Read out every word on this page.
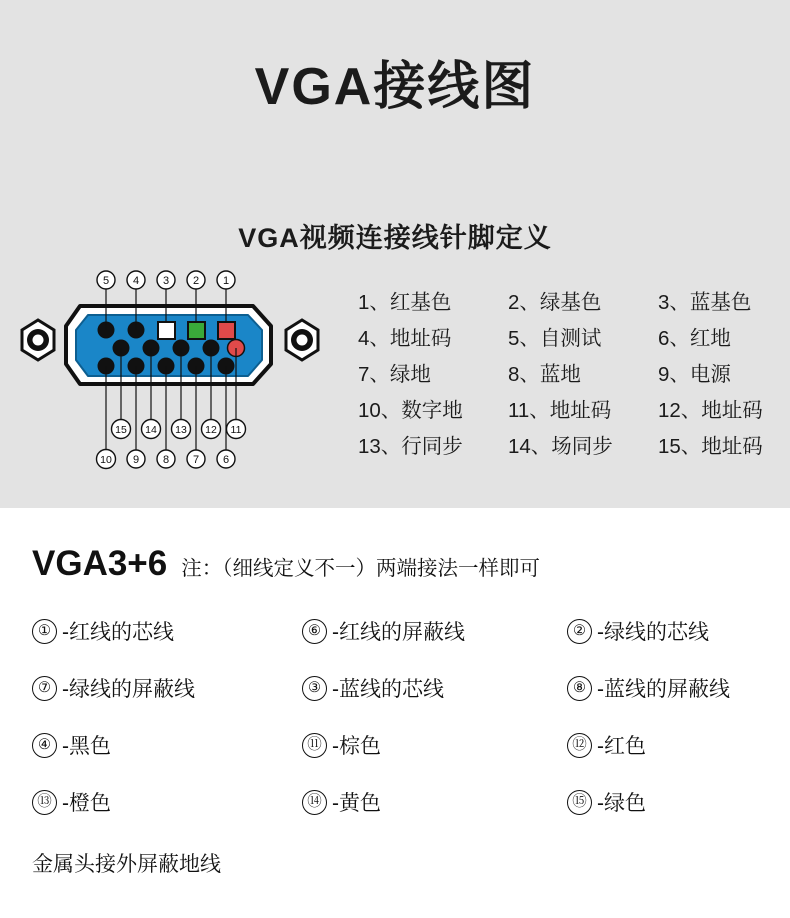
VGA接线图
VGA视频连接线针脚定义
5 4 3 2 1
15 14 13 12 11
10 9 8 7 6
1、红基色	2、绿基色	3、蓝基色
4、地址码	5、自测试	6、红地
7、绿地	8、蓝地	9、电源
10、数字地	11、地址码	12、地址码
13、行同步	14、场同步	15、地址码
VGA3+6 注：（细线定义不一）两端接法一样即可
① -红线的芯线	⑥ -红线的屏蔽线	② -绿线的芯线
⑦ -绿线的屏蔽线	③ -蓝线的芯线	⑧ -蓝线的屏蔽线
④ -黑色	⑪ -棕色	⑫ -红色
⑬ -橙色	⑭ -黄色	⑮ -绿色
金属头接外屏蔽地线
